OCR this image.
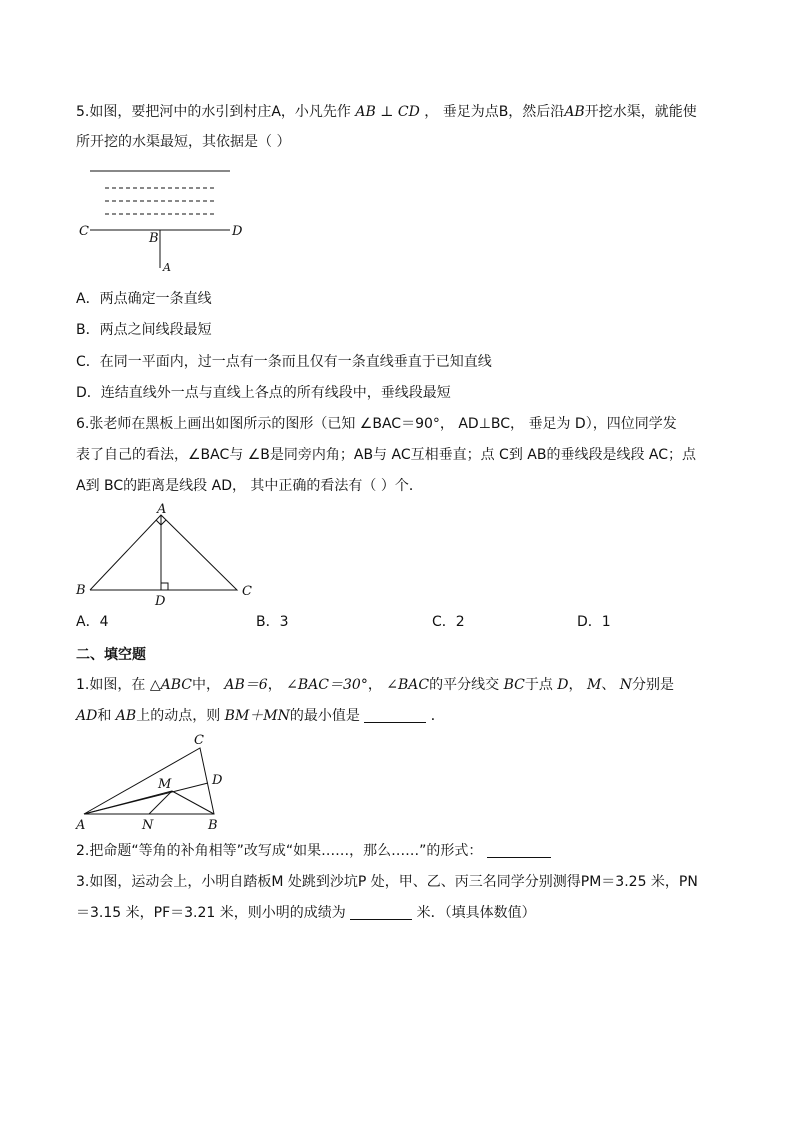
5.如图，要把河中的水引到村庄A，小凡先作 AB ⊥ CD ， 垂足为点B，然后沿AB开挖水渠，就能使
所开挖的水渠最短，其依据是（ ）
C	B	D
A
A．两点确定一条直线
B．两点之间线段最短
C．在同一平面内，过一点有一条而且仅有一条直线垂直于已知直线
D．连结直线外一点与直线上各点的所有线段中，垂线段最短
6.张老师在黑板上画出如图所示的图形（已知 ∠BAC＝90°， AD⊥BC， 垂足为 D），四位同学发
表了自己的看法，∠BAC与 ∠B是同旁内角；AB与 AC互相垂直；点 C到 AB的垂线段是线段 AC；点
A到 BC的距离是线段 AD， 其中正确的看法有（ ）个．
A
B	C
D
A．4	B．3	C．2	D．1
二、填空题
1.如图，在 △ABC中， AB＝6， ∠BAC＝30°， ∠BAC的平分线交 BC于点 D， M、 N分别是
AD和 AB上的动点，则 BM＋MN的最小值是	．
C
D
M
A	N	B
2.把命题“等角的补角相等”改写成“如果……，那么……”的形式：
3.如图，运动会上，小明自踏板M 处跳到沙坑P 处，甲、乙、丙三名同学分别测得PM＝3.25 米，PN
＝3.15 米，PF＝3.21 米，则小明的成绩为	米．（填具体数值）
